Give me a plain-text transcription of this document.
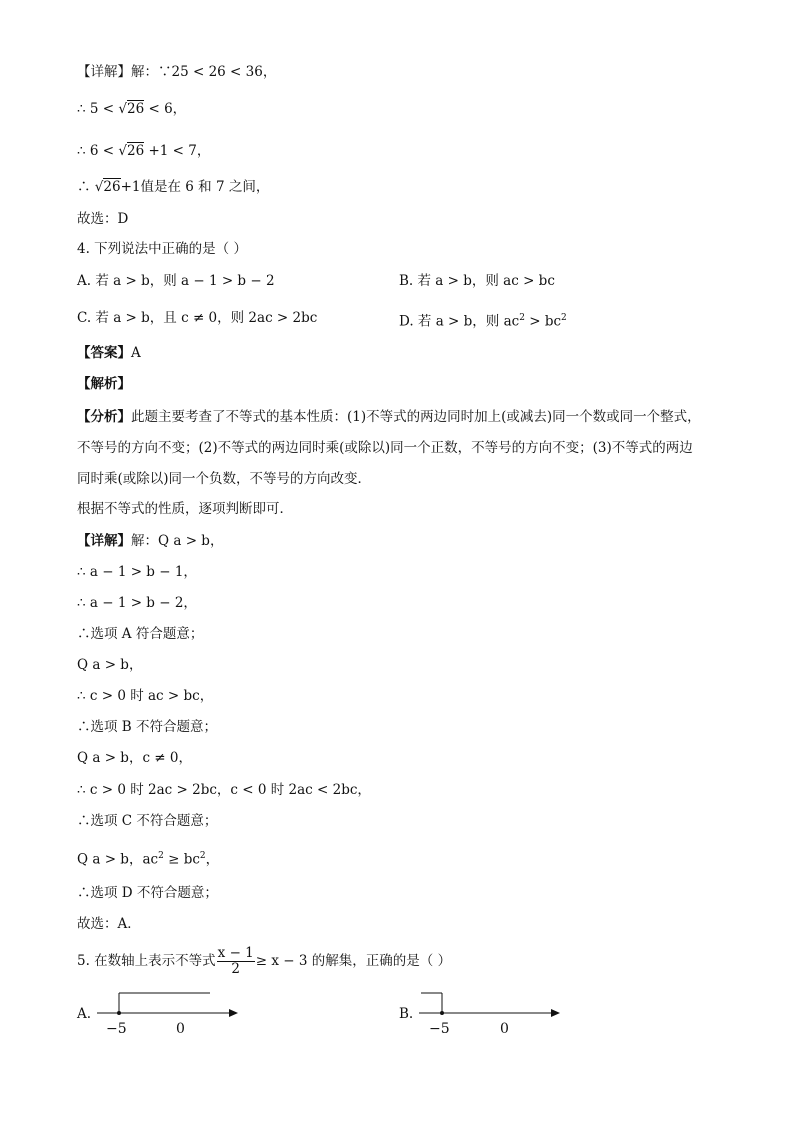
【详解】解：∵25 < 26 < 36，
∴ 5 < √26 < 6，
∴ 6 < √26 +1 < 7，
∴ √26+1值是在 6 和 7 之间，
故选：D
4. 下列说法中正确的是（ ）
A. 若 a > b，则 a − 1 > b − 2	B. 若 a > b，则 ac > bc
C. 若 a > b，且 c ≠ 0，则 2ac > 2bc	D. 若 a > b，则 $ac^2 > bc^2$
【答案】A
【解析】
【分析】此题主要考查了不等式的基本性质：(1)不等式的两边同时加上(或减去)同一个数或同一个整式，
不等号的方向不变；(2)不等式的两边同时乘(或除以)同一个正数，不等号的方向不变；(3)不等式的两边
同时乘(或除以)同一个负数，不等号的方向改变．
根据不等式的性质，逐项判断即可．
【详解】解：Q a > b，
∴ a − 1 > b − 1，
∴ a − 1 > b − 2，
∴选项 A 符合题意；
Q a > b，
∴ c > 0 时 ac > bc，
∴选项 B 不符合题意；
Q a > b，c ≠ 0，
∴ c > 0 时 2ac > 2bc，c < 0 时 2ac < 2bc，
∴选项 C 不符合题意；
Q a > b，$ac^2 \ge bc^2$，
∴选项 D 不符合题意；
故选：A．
5. 在数轴上表示不等式 $\frac{x - 1}{2} \ge x - 3$ 的解集，正确的是（ ）
A.
−5	0
B.
−5	0
